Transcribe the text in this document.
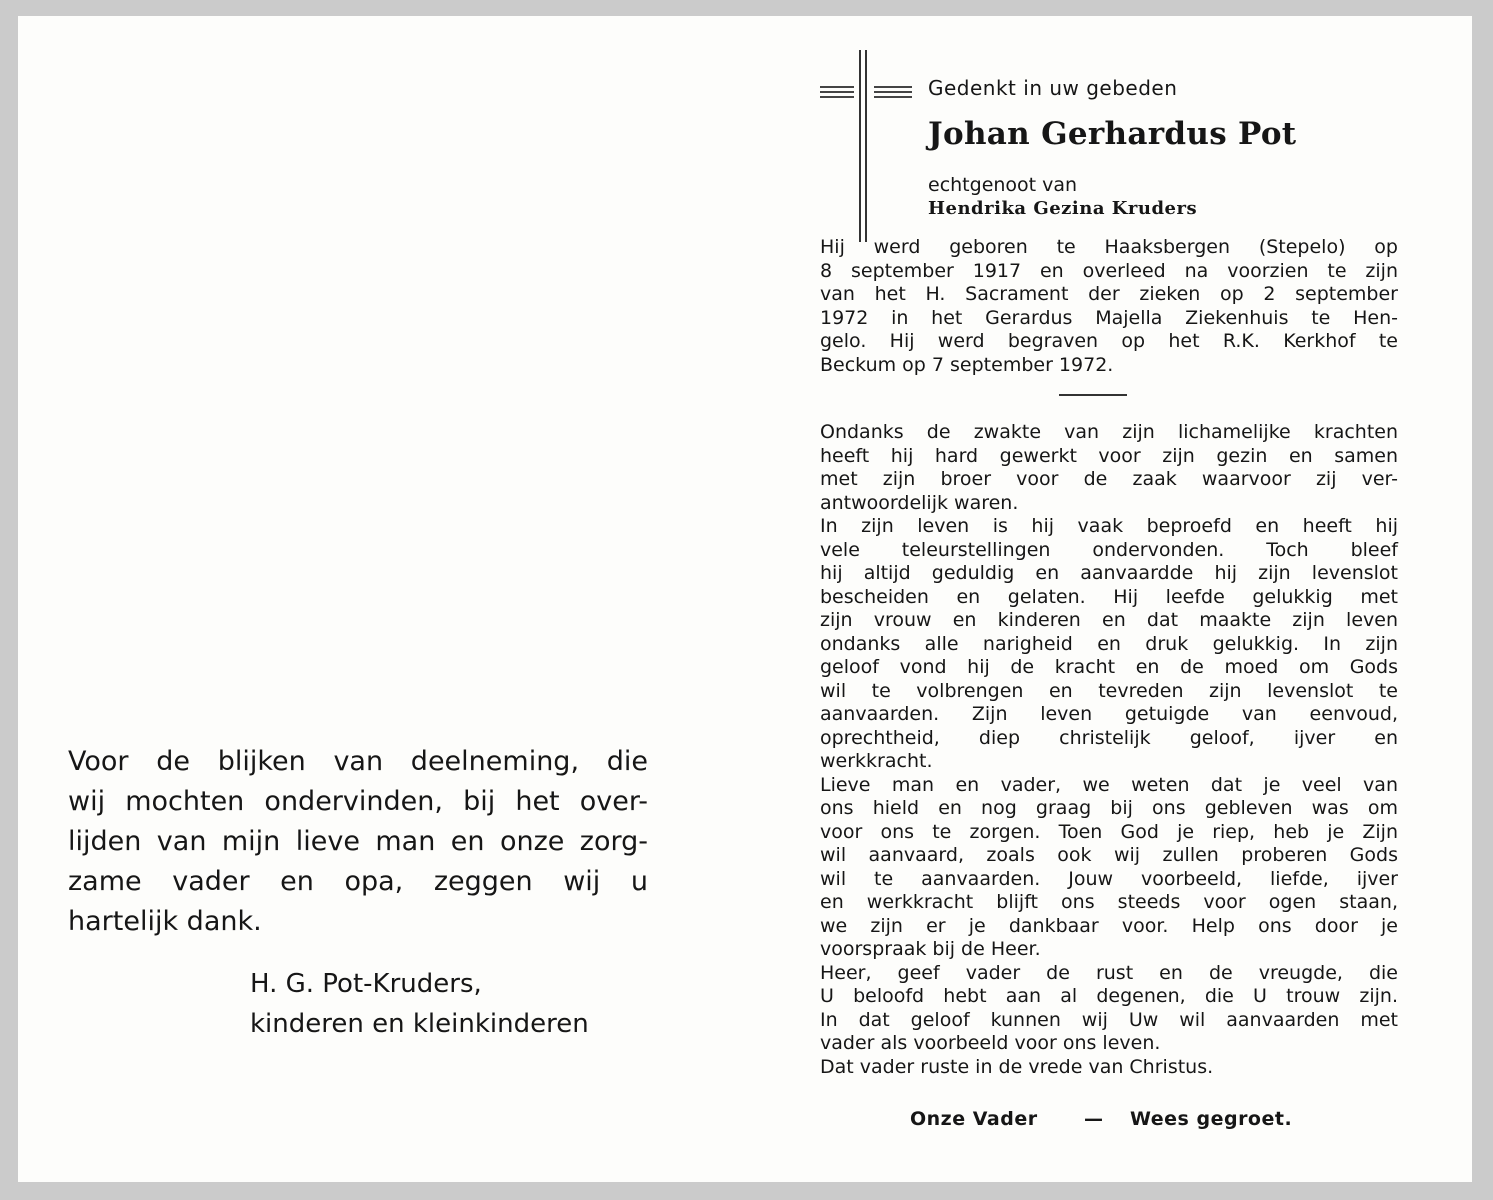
Voor de blijken van deelneming, die
wij mochten ondervinden, bij het over-
lijden van mijn lieve man en onze zorg-
zame vader en opa, zeggen wij u
hartelijk dank.
H. G. Pot-Kruders,
kinderen en kleinkinderen
Gedenkt in uw gebeden
Johan Gerhardus Pot
echtgenoot van
Hendrika Gezina Kruders
Hij werd geboren te Haaksbergen (Stepelo) op
8 september 1917 en overleed na voorzien te zijn
van het H. Sacrament der zieken op 2 september
1972 in het Gerardus Majella Ziekenhuis te Hen-
gelo. Hij werd begraven op het R.K. Kerkhof te
Beckum op 7 september 1972.
Ondanks de zwakte van zijn lichamelijke krachten
heeft hij hard gewerkt voor zijn gezin en samen
met zijn broer voor de zaak waarvoor zij ver-
antwoordelijk waren.
In zijn leven is hij vaak beproefd en heeft hij
vele teleurstellingen ondervonden. Toch bleef
hij altijd geduldig en aanvaardde hij zijn levenslot
bescheiden en gelaten. Hij leefde gelukkig met
zijn vrouw en kinderen en dat maakte zijn leven
ondanks alle narigheid en druk gelukkig. In zijn
geloof vond hij de kracht en de moed om Gods
wil te volbrengen en tevreden zijn levenslot te
aanvaarden. Zijn leven getuigde van eenvoud,
oprechtheid, diep christelijk geloof, ijver en
werkkracht.
Lieve man en vader, we weten dat je veel van
ons hield en nog graag bij ons gebleven was om
voor ons te zorgen. Toen God je riep, heb je Zijn
wil aanvaard, zoals ook wij zullen proberen Gods
wil te aanvaarden. Jouw voorbeeld, liefde, ijver
en werkkracht blijft ons steeds voor ogen staan,
we zijn er je dankbaar voor. Help ons door je
voorspraak bij de Heer.
Heer, geef vader de rust en de vreugde, die
U beloofd hebt aan al degenen, die U trouw zijn.
In dat geloof kunnen wij Uw wil aanvaarden met
vader als voorbeeld voor ons leven.
Dat vader ruste in de vrede van Christus.
Onze Vader — Wees gegroet.
